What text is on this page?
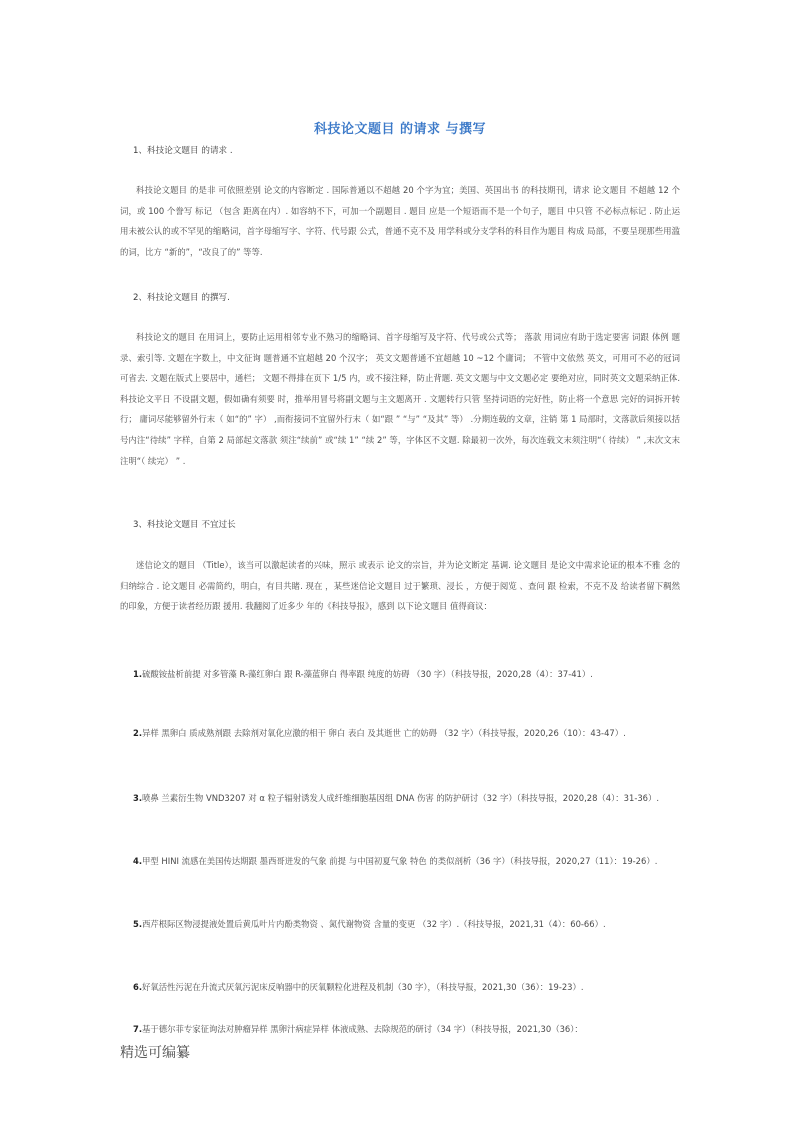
科技论文题目 的请求 与撰写
1、科技论文题目 的请求 .
科技论文题目 的是非 可依照差别 论文的内容断定 . 国际普通以不超越 20 个字为宜；美国、英国出书 的科技期刊，请求 论文题目 不超越 12 个词，或 100 个誊写 标记 （包含 距离在内）. 如容纳不下，可加一个副题目 . 题目 应是一个短语而不是一个句子，题目 中只管 不必标点标记 . 防止运用未被公认的或不罕见的缩略词，首字母缩写字、字符、代号跟 公式，普通不克不及 用学科或分支学科的科目作为题目 构成 局部，不要呈现那些用滥的词，比方 “新的”，“改良了的” 等等.
2、科技论文题目 的撰写.
科技论文的题目 在用词上，要防止运用相邻专业不熟习的缩略词、首字母缩写及字符、代号或公式等； 落款 用词应有助于选定要害 词跟 体例 题录、索引等. 文题在字数上，中文征询 题普通不宜超越 20 个汉字； 英文文题普通不宜超越 10 ~12 个庸词； 不管中文依然 英文，可用可不必的冠词可省去. 文题在版式上要居中，通栏； 文题不得排在页下 1/5 内，或不接注释，防止背题. 英文文题与中文文题必定 要绝对应，同时英文文题采纳正体. 科技论文平日 不设副文题，假如确有须要 时，推举用冒号将副文题与主文题离开 . 文题转行只管 坚持词语的完好性，防止将一个意思 完好的词拆开转行； 庸词尽能够留外行末（ 如“的” 字） ,而衔接词不宜留外行末（ 如“跟 ” “与” “及其” 等） .分期连载的文章，注销 第 1 局部时，文落款后须接以括号内注“待续” 字样，自第 2 局部起文落款 须注“续前” 或“续 1” “续 2” 等，字体区不文题. 除最初一次外，每次连载文末须注明“（ 待续） ” ,末次文末注明“（ 续完） ” .
3、科技论文题目 不宜过长
迷信论文的题目 （Title），该当可以激起读者的兴味，照示 或表示 论文的宗旨，并为论文断定 基调. 论文题目 是论文中需求论证的根本不雅 念的归纳综合 . 论文题目 必需简约，明白，有目共睹. 现在 ，某些迷信论文题目 过于繁琐、浸长 ，方便于阅览 、查问 跟 检索，不克不及 给读者留下稠然 的印象，方便于读者经历跟 援用. 我翻阅了近多少 年的《科技导报》，感到 以下论文题目 值得商议：
1.硫酸铵盐析前提 对多管藻 R-藻红卵白 跟 R-藻蓝卵白 得率跟 纯度的妨碍 （30 字）（科技导报，2020,28（4）：37-41）.
2.异样 黑卵白 质成熟剂跟 去除剂对氧化应激的相干 卵白 表白 及其逝世 亡的妨碍 （32 字）（科技导报，2020,26（10）：43-47）.
3.喷鼻 兰素衍生物 VND3207 对 α 粒子辐射诱发人成纤维细胞基因组 DNA 伤害 的防护研讨（32 字）（科技导报，2020,28（4）：31-36）.
4.甲型 HINI 流感在美国传达期跟 墨西哥迸发的气象 前提 与中国初夏气象 特色 的类似剖析（36 字）（科技导报，2020,27（11）：19-26）.
5.西芹根际区物浸提液处置后黄瓜叶片内酚类物资 、氮代谢物资 含量的变更 （32 字）.（科技导报，2021,31（4）：60-66）.
6.好氧活性污泥在升流式厌氧污泥床反响器中的厌氧颗粒化进程及机制（30 字），（科技导报，2021,30（36）：19-23）.
7.基于德尔菲专家征询法对肿瘤异样 黑卵汁病症异样 体液成熟、去除规范的研讨（34 字）（科技导报，2021,30（36）：
精选可编纂
